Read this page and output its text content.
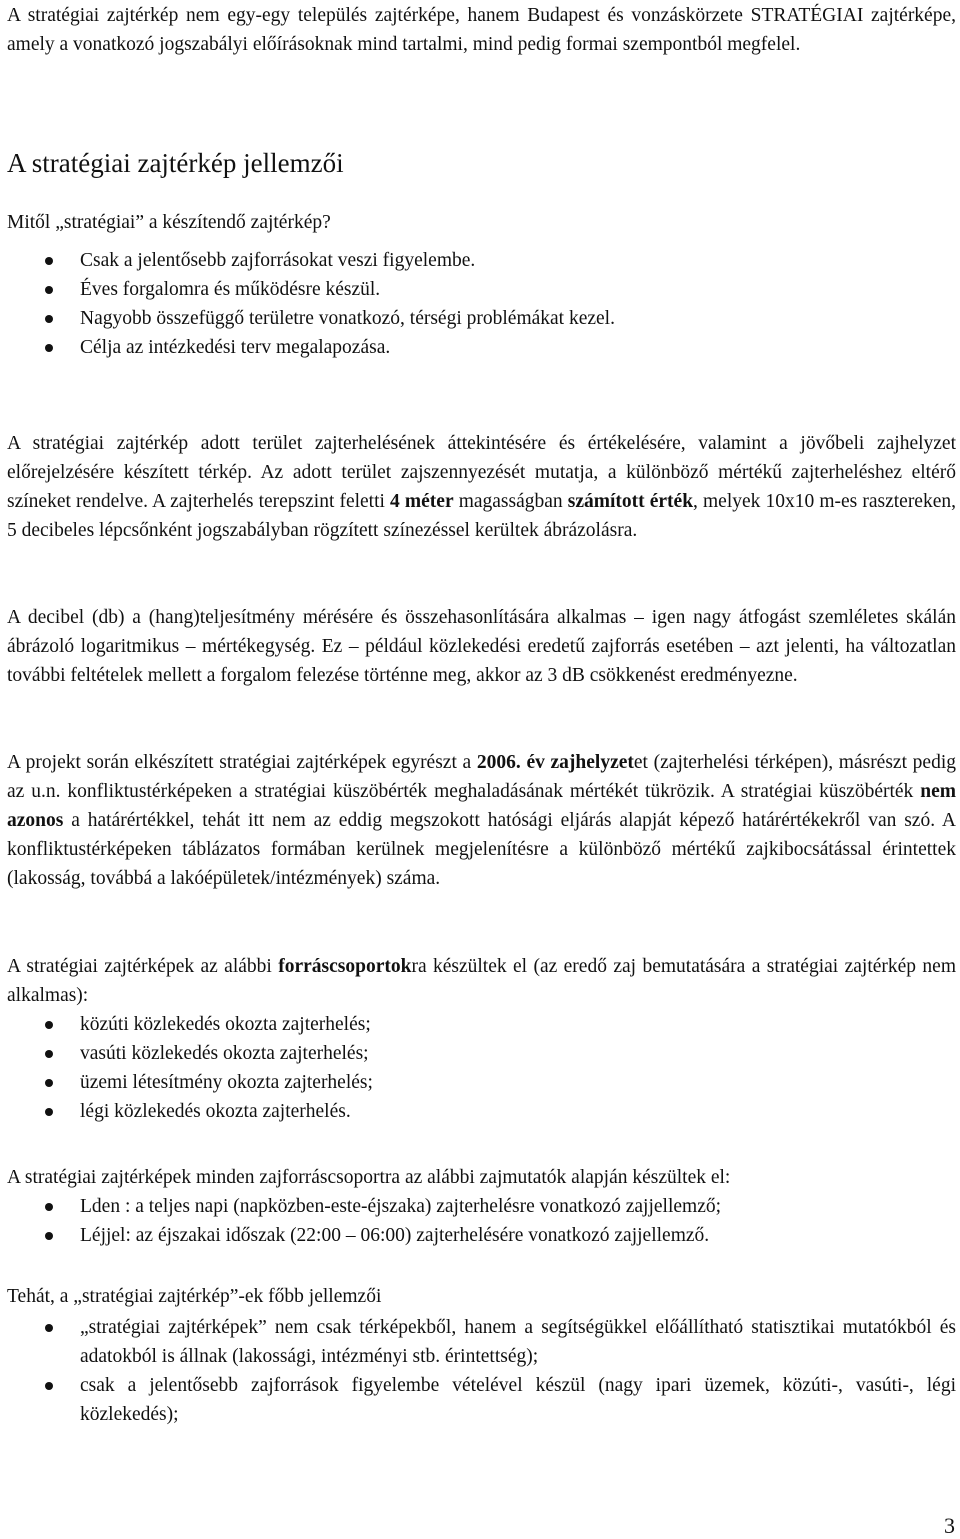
A stratégiai zajtérkép nem egy-egy település zajtérképe, hanem Budapest és vonzáskörzete STRATÉGIAI zajtérképe, amely a vonatkozó jogszabályi előírásoknak mind tartalmi, mind pedig formai szempontból megfelel.

A stratégiai zajtérkép jellemzői

Mitől „stratégiai” a készítendő zajtérkép?

Csak a jelentősebb zajforrásokat veszi figyelembe.
Éves forgalomra és működésre készül.
Nagyobb összefüggő területre vonatkozó, térségi problémákat kezel.
Célja az intézkedési terv megalapozása.

A stratégiai zajtérkép adott terület zajterhelésének áttekintésére és értékelésére, valamint a jövőbeli zajhelyzet előrejelzésére készített térkép. Az adott terület zajszennyezését mutatja, a különböző mértékű zajterheléshez eltérő színeket rendelve. A zajterhelés terepszint feletti 4 méter magasságban számított érték, melyek 10x10 m-es rasztereken, 5 decibeles lépcsőnként jogszabályban rögzített színezéssel kerültek ábrázolásra.

A decibel (db) a (hang)teljesítmény mérésére és összehasonlítására alkalmas – igen nagy átfogást szemléletes skálán ábrázoló logaritmikus – mértékegység. Ez – például közlekedési eredetű zajforrás esetében – azt jelenti, ha változatlan további feltételek mellett a forgalom felezése történne meg, akkor az 3 dB csökkenést eredményezne.

A projekt során elkészített stratégiai zajtérképek egyrészt a 2006. év zajhelyzetet (zajterhelési térképen), másrészt pedig az u.n. konfliktustérképeken a stratégiai küszöbérték meghaladásának mértékét tükrözik. A stratégiai küszöbérték nem azonos a határértékkel, tehát itt nem az eddig megszokott hatósági eljárás alapját képező határértékekről van szó. A konfliktustérképeken táblázatos formában kerülnek megjelenítésre a különböző mértékű zajkibocsátással érintettek (lakosság, továbbá a lakóépületek/intézmények) száma.

A stratégiai zajtérképek az alábbi forráscsoportokra készültek el (az eredő zaj bemutatására a stratégiai zajtérkép nem alkalmas):

közúti közlekedés okozta zajterhelés;
vasúti közlekedés okozta zajterhelés;
üzemi létesítmény okozta zajterhelés;
légi közlekedés okozta zajterhelés.

A stratégiai zajtérképek minden zajforráscsoportra az alábbi zajmutatók alapján készültek el:

Lden : a teljes napi (napközben-este-éjszaka) zajterhelésre vonatkozó zajjellemző;
Léjjel: az éjszakai időszak (22:00 – 06:00) zajterhelésére vonatkozó zajjellemző.

Tehát, a „stratégiai zajtérkép”-ek főbb jellemzői

„stratégiai zajtérképek” nem csak térképekből, hanem a segítségükkel előállítható statisztikai mutatókból és adatokból is állnak (lakossági, intézményi stb. érintettség);
csak a jelentősebb zajforrások figyelembe vételével készül (nagy ipari üzemek, közúti-, vasúti-, légi közlekedés);
3
